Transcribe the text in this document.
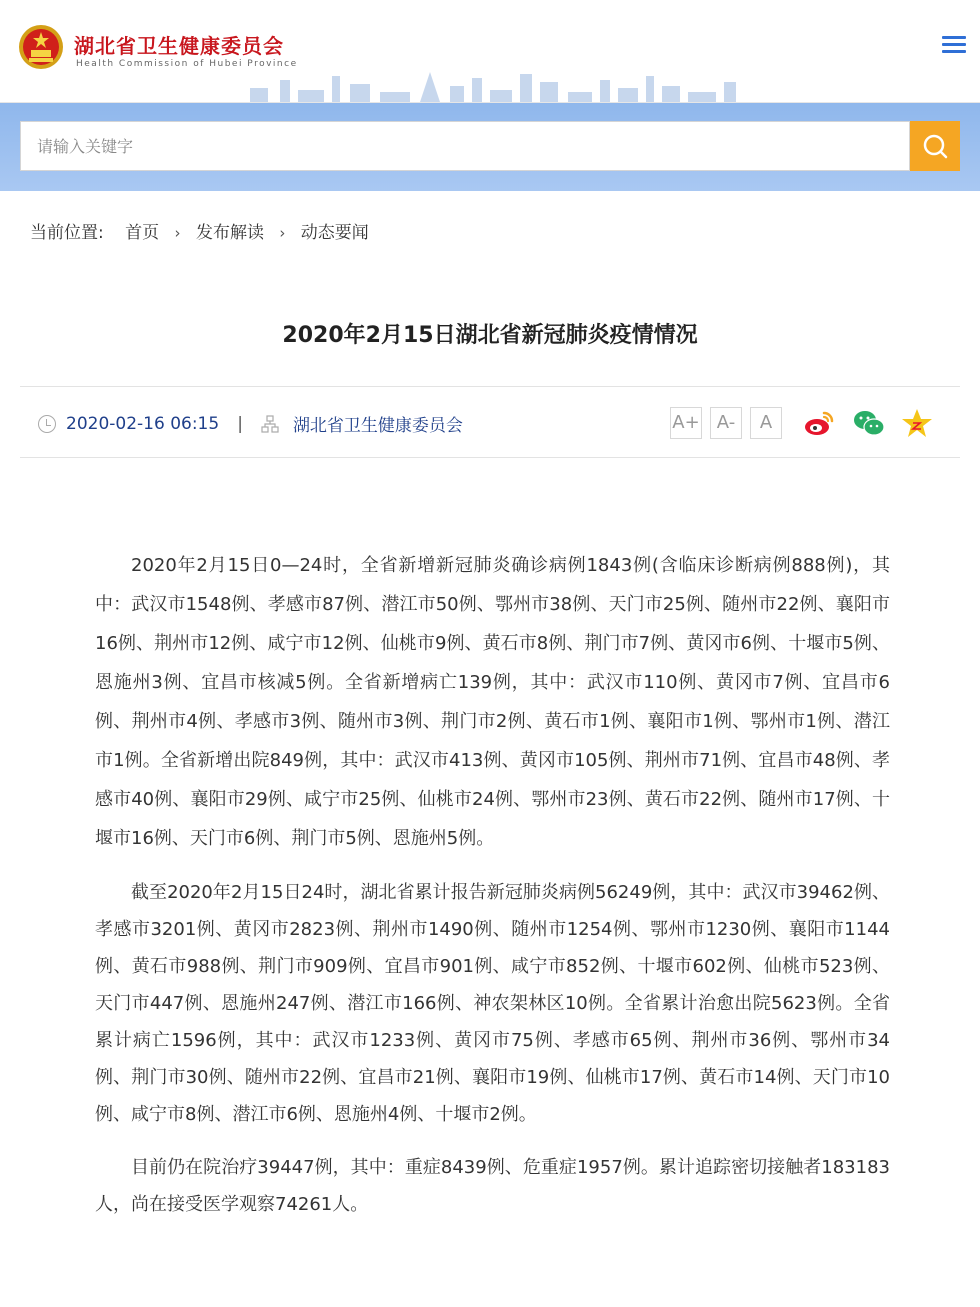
湖北省卫生健康委员会
Health Commission of Hubei Province
请输入关键字
当前位置: 首页 › 发布解读 › 动态要闻
2020年2月15日湖北省新冠肺炎疫情情况
2020-02-16 06:15 |	湖北省卫生健康委员会	A+ A-	A

2020年2月15日0—24时，全省新增新冠肺炎确诊病例1843例(含临床诊断病例888例)，其中：武汉市1548例、孝感市87例、潜江市50例、鄂州市38例、天门市25例、随州市22例、襄阳市16例、荆州市12例、咸宁市12例、仙桃市9例、黄石市8例、荆门市7例、黄冈市6例、十堰市5例、恩施州3例、宜昌市核减5例。全省新增病亡139例，其中：武汉市110例、黄冈市7例、宜昌市6例、荆州市4例、孝感市3例、随州市3例、荆门市2例、黄石市1例、襄阳市1例、鄂州市1例、潜江市1例。全省新增出院849例，其中：武汉市413例、黄冈市105例、荆州市71例、宜昌市48例、孝感市40例、襄阳市29例、咸宁市25例、仙桃市24例、鄂州市23例、黄石市22例、随州市17例、十堰市16例、天门市6例、荆门市5例、恩施州5例。

截至2020年2月15日24时，湖北省累计报告新冠肺炎病例56249例，其中：武汉市39462例、孝感市3201例、黄冈市2823例、荆州市1490例、随州市1254例、鄂州市1230例、襄阳市1144例、黄石市988例、荆门市909例、宜昌市901例、咸宁市852例、十堰市602例、仙桃市523例、天门市447例、恩施州247例、潜江市166例、神农架林区10例。全省累计治愈出院5623例。全省累计病亡1596例，其中：武汉市1233例、黄冈市75例、孝感市65例、荆州市36例、鄂州市34例、荆门市30例、随州市22例、宜昌市21例、襄阳市19例、仙桃市17例、黄石市14例、天门市10例、咸宁市8例、潜江市6例、恩施州4例、十堰市2例。

目前仍在院治疗39447例，其中：重症8439例、危重症1957例。累计追踪密切接触者183183人，尚在接受医学观察74261人。
